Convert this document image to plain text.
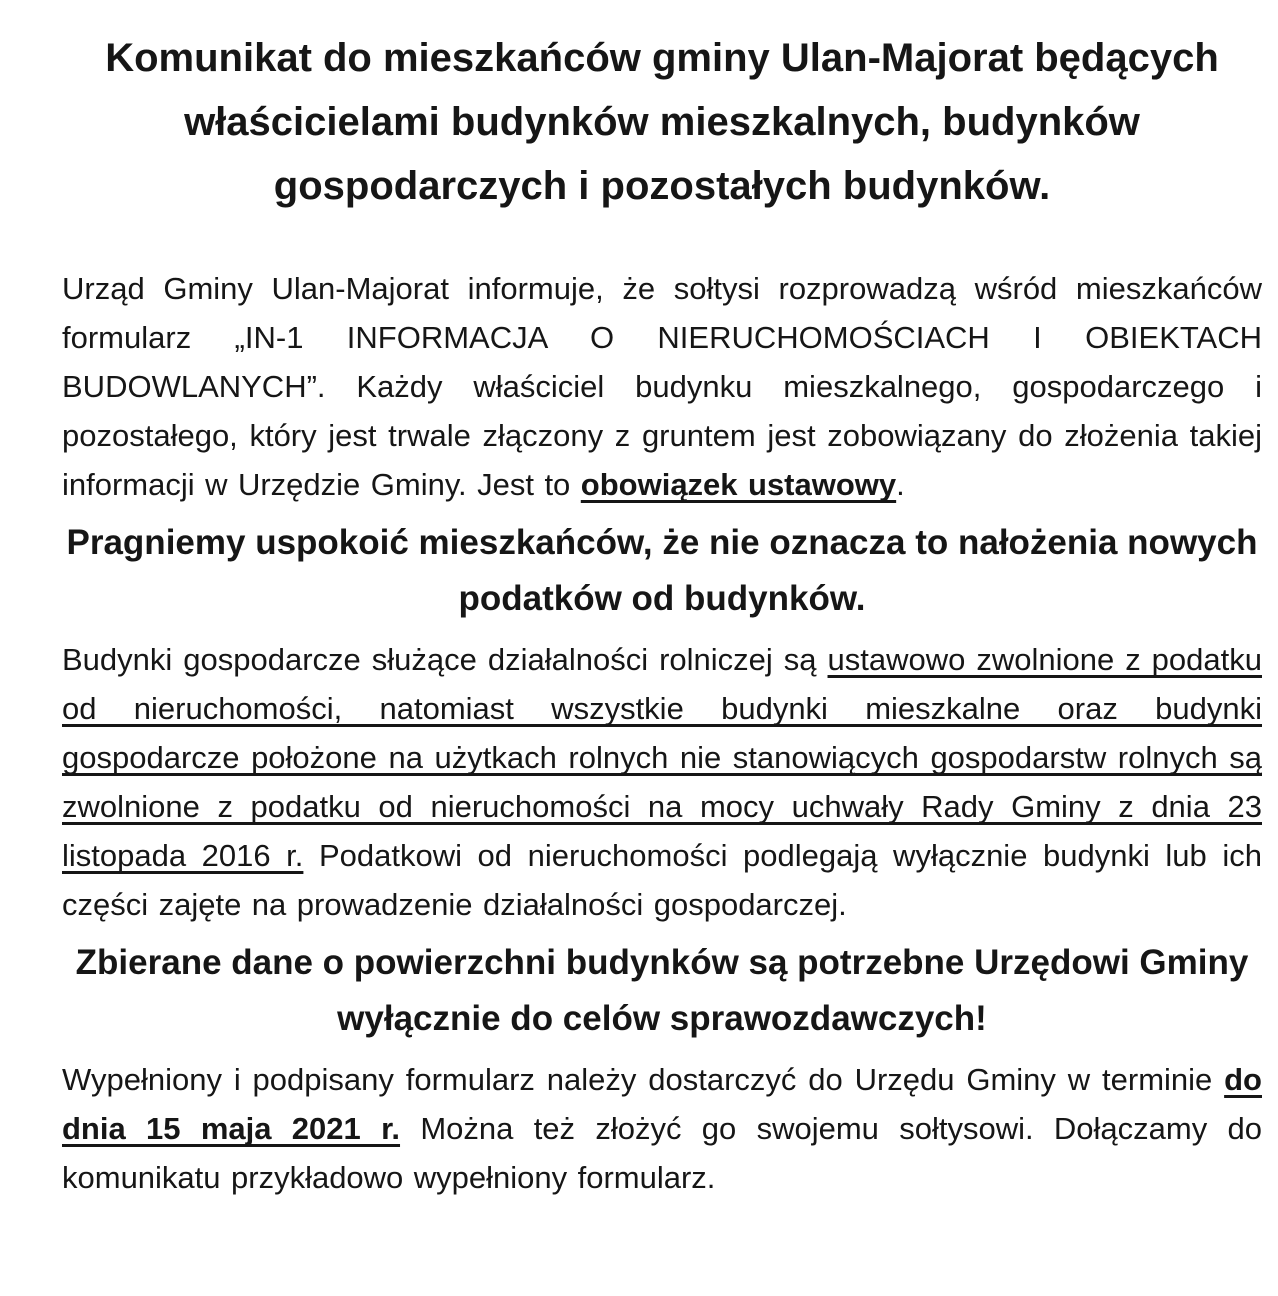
Komunikat do mieszkańców gminy Ulan-Majorat będących właścicielami budynków mieszkalnych, budynków gospodarczych i pozostałych budynków.

Urząd Gminy Ulan-Majorat informuje, że sołtysi rozprowadzą wśród mieszkańców formularz „IN-1 INFORMACJA O NIERUCHOMOŚCIACH I OBIEKTACH BUDOWLANYCH”. Każdy właściciel budynku mieszkalnego, gospodarczego i pozostałego, który jest trwale złączony z gruntem jest zobowiązany do złożenia takiej informacji w Urzędzie Gminy. Jest to obowiązek ustawowy.

Pragniemy uspokoić mieszkańców, że nie oznacza to nałożenia nowych podatków od budynków.

Budynki gospodarcze służące działalności rolniczej są ustawowo zwolnione z podatku od nieruchomości, natomiast wszystkie budynki mieszkalne oraz budynki gospodarcze położone na użytkach rolnych nie stanowiących gospodarstw rolnych są zwolnione z podatku od nieruchomości na mocy uchwały Rady Gminy z dnia 23 listopada 2016 r. Podatkowi od nieruchomości podlegają wyłącznie budynki lub ich części zajęte na prowadzenie działalności gospodarczej.

Zbierane dane o powierzchni budynków są potrzebne Urzędowi Gminy wyłącznie do celów sprawozdawczych!

Wypełniony i podpisany formularz należy dostarczyć do Urzędu Gminy w terminie do dnia 15 maja 2021 r. Można też złożyć go swojemu sołtysowi. Dołączamy do komunikatu przykładowo wypełniony formularz.
